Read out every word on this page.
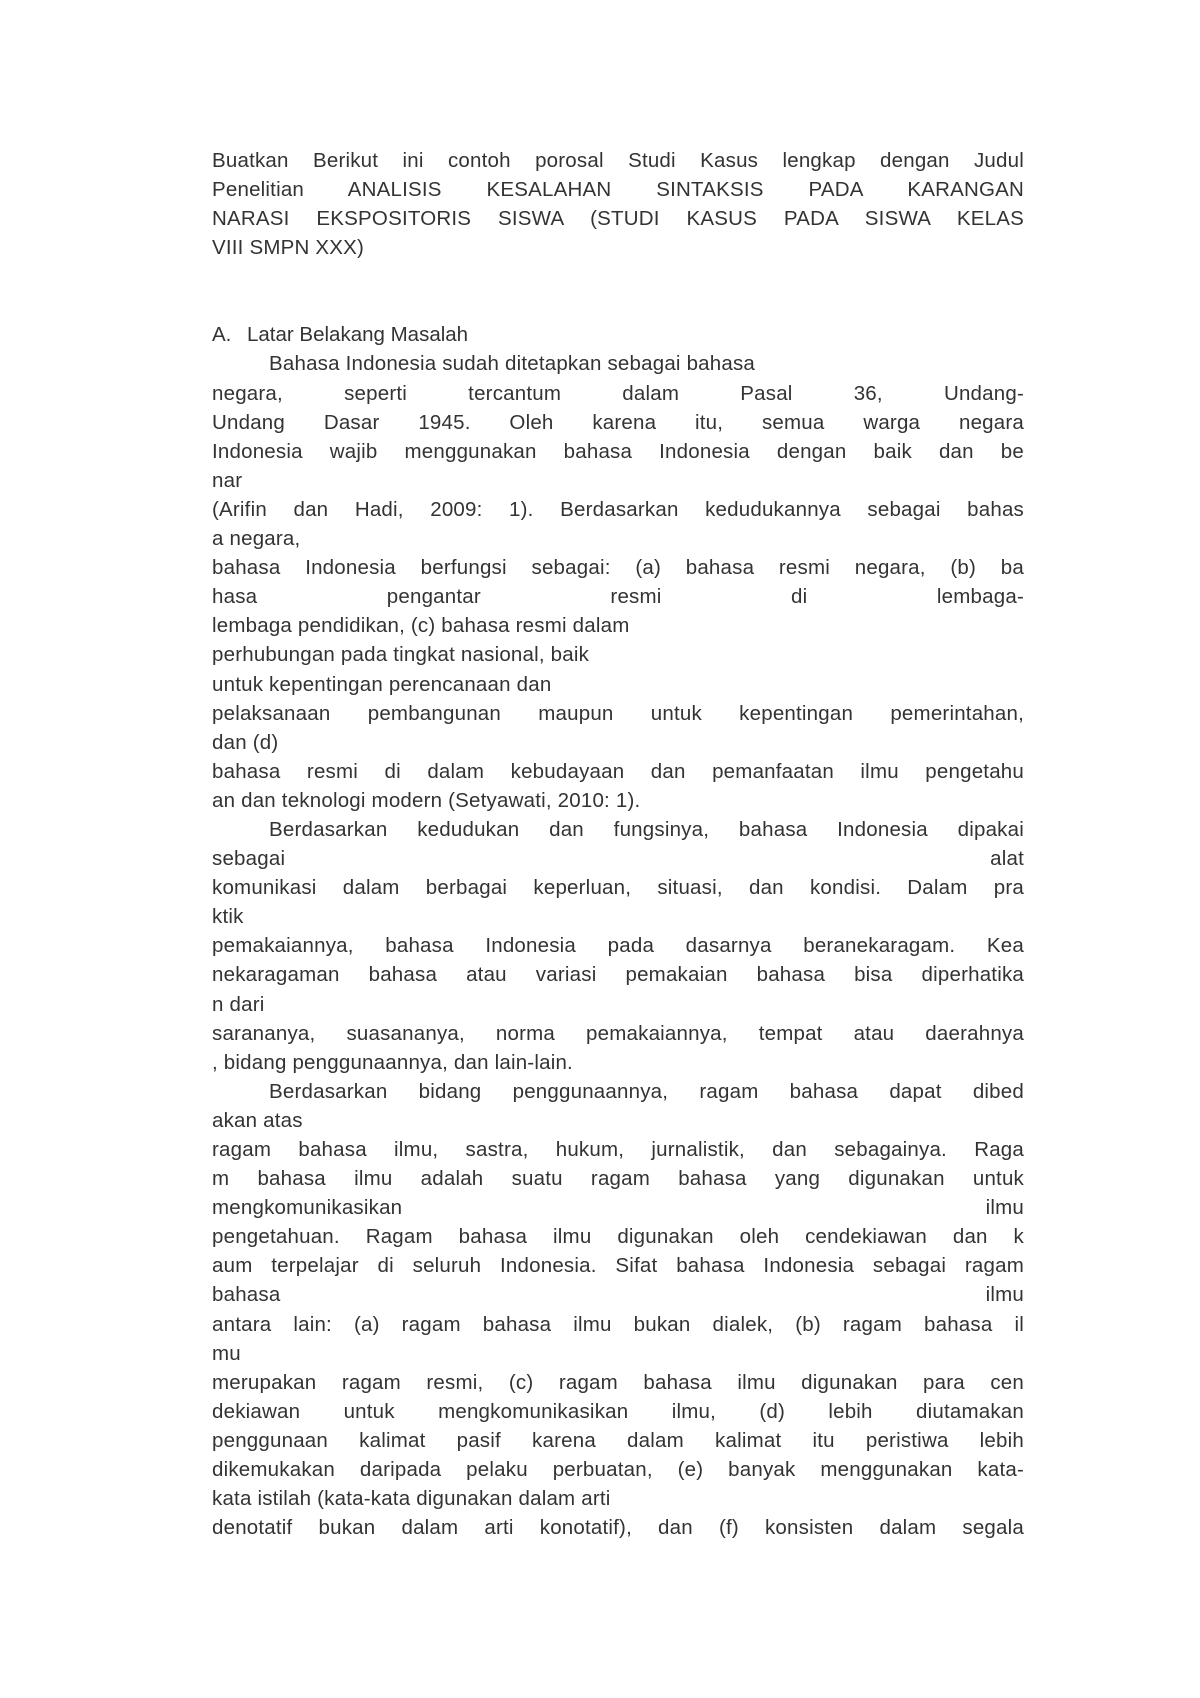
Buatkan Berikut ini contoh porosal Studi Kasus lengkap dengan Judul
Penelitian ANALISIS KESALAHAN SINTAKSIS PADA KARANGAN
NARASI EKSPOSITORIS SISWA (STUDI KASUS PADA SISWA KELAS
VIII SMPN XXX)
A. Latar Belakang Masalah
Bahasa Indonesia sudah ditetapkan sebagai bahasa
negara, seperti tercantum dalam Pasal 36, Undang-
Undang Dasar 1945. Oleh karena itu, semua warga negara
Indonesia wajib menggunakan bahasa Indonesia dengan baik dan be
nar
(Arifin dan Hadi, 2009: 1). Berdasarkan kedudukannya sebagai bahas
a negara,
bahasa Indonesia berfungsi sebagai: (a) bahasa resmi negara, (b) ba
hasa pengantar resmi di lembaga-
lembaga pendidikan, (c) bahasa resmi dalam
perhubungan pada tingkat nasional, baik
untuk kepentingan perencanaan dan
pelaksanaan pembangunan maupun untuk kepentingan pemerintahan,
dan (d)
bahasa resmi di dalam kebudayaan dan pemanfaatan ilmu pengetahu
an dan teknologi modern (Setyawati, 2010: 1).
Berdasarkan kedudukan dan fungsinya, bahasa Indonesia dipakai
sebagai alat
komunikasi dalam berbagai keperluan, situasi, dan kondisi. Dalam pra
ktik
pemakaiannya, bahasa Indonesia pada dasarnya beranekaragam. Kea
nekaragaman bahasa atau variasi pemakaian bahasa bisa diperhatika
n dari
sarananya, suasananya, norma pemakaiannya, tempat atau daerahnya
, bidang penggunaannya, dan lain-lain.
Berdasarkan bidang penggunaannya, ragam bahasa dapat dibed
akan atas
ragam bahasa ilmu, sastra, hukum, jurnalistik, dan sebagainya. Raga
m bahasa ilmu adalah suatu ragam bahasa yang digunakan untuk
mengkomunikasikan ilmu
pengetahuan. Ragam bahasa ilmu digunakan oleh cendekiawan dan k
aum terpelajar di seluruh Indonesia. Sifat bahasa Indonesia sebagai ragam
bahasa ilmu
antara lain: (a) ragam bahasa ilmu bukan dialek, (b) ragam bahasa il
mu
merupakan ragam resmi, (c) ragam bahasa ilmu digunakan para cen
dekiawan untuk mengkomunikasikan ilmu, (d) lebih diutamakan
penggunaan kalimat pasif karena dalam kalimat itu peristiwa lebih
dikemukakan daripada pelaku perbuatan, (e) banyak menggunakan kata-
kata istilah (kata-kata digunakan dalam arti
denotatif bukan dalam arti konotatif), dan (f) konsisten dalam segala
